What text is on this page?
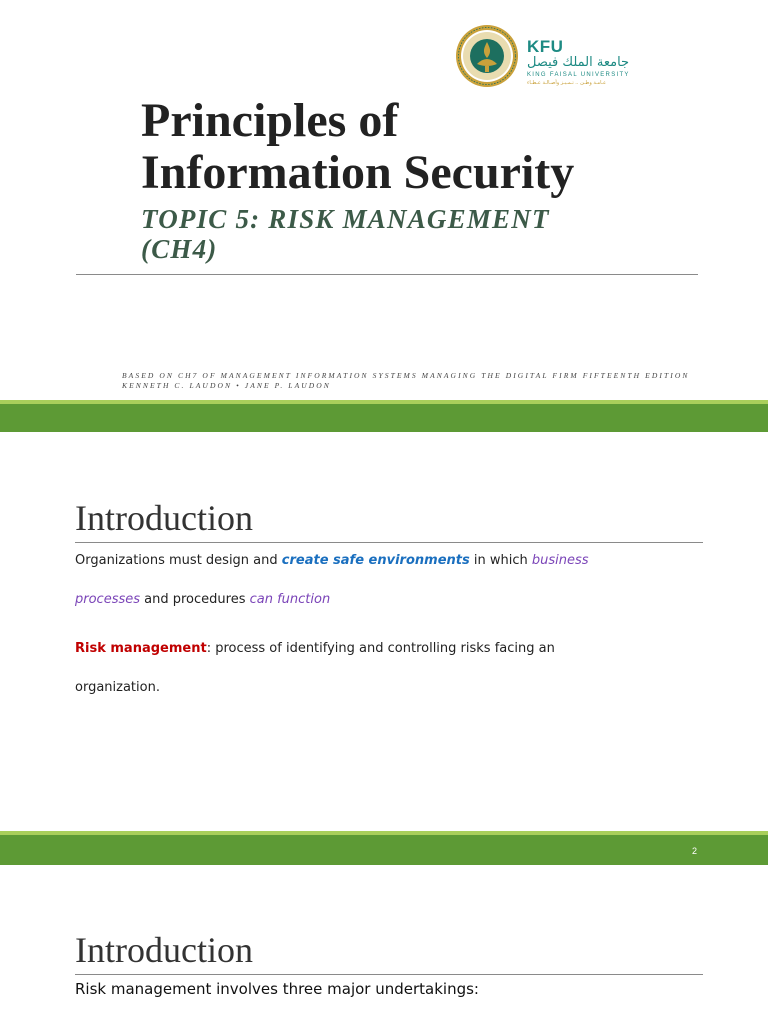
KFU
جامعة الملك فيصل
KING FAISAL UNIVERSITY
عـامـة وطـن .. تـمـيـز وأصـالـة عـطـاء
Principles of
Information Security
TOPIC 5: RISK MANAGEMENT
(CH4)
BASED ON CH7 OF MANAGEMENT INFORMATION SYSTEMS MANAGING THE DIGITAL FIRM FIFTEENTH EDITION
KENNETH C. LAUDON • JANE P. LAUDON
Introduction

Organizations must design and create safe environments in which business

processes and procedures can function

Risk management: process of identifying and controlling risks facing an

organization.

2
Introduction

Risk management involves three major undertakings:
